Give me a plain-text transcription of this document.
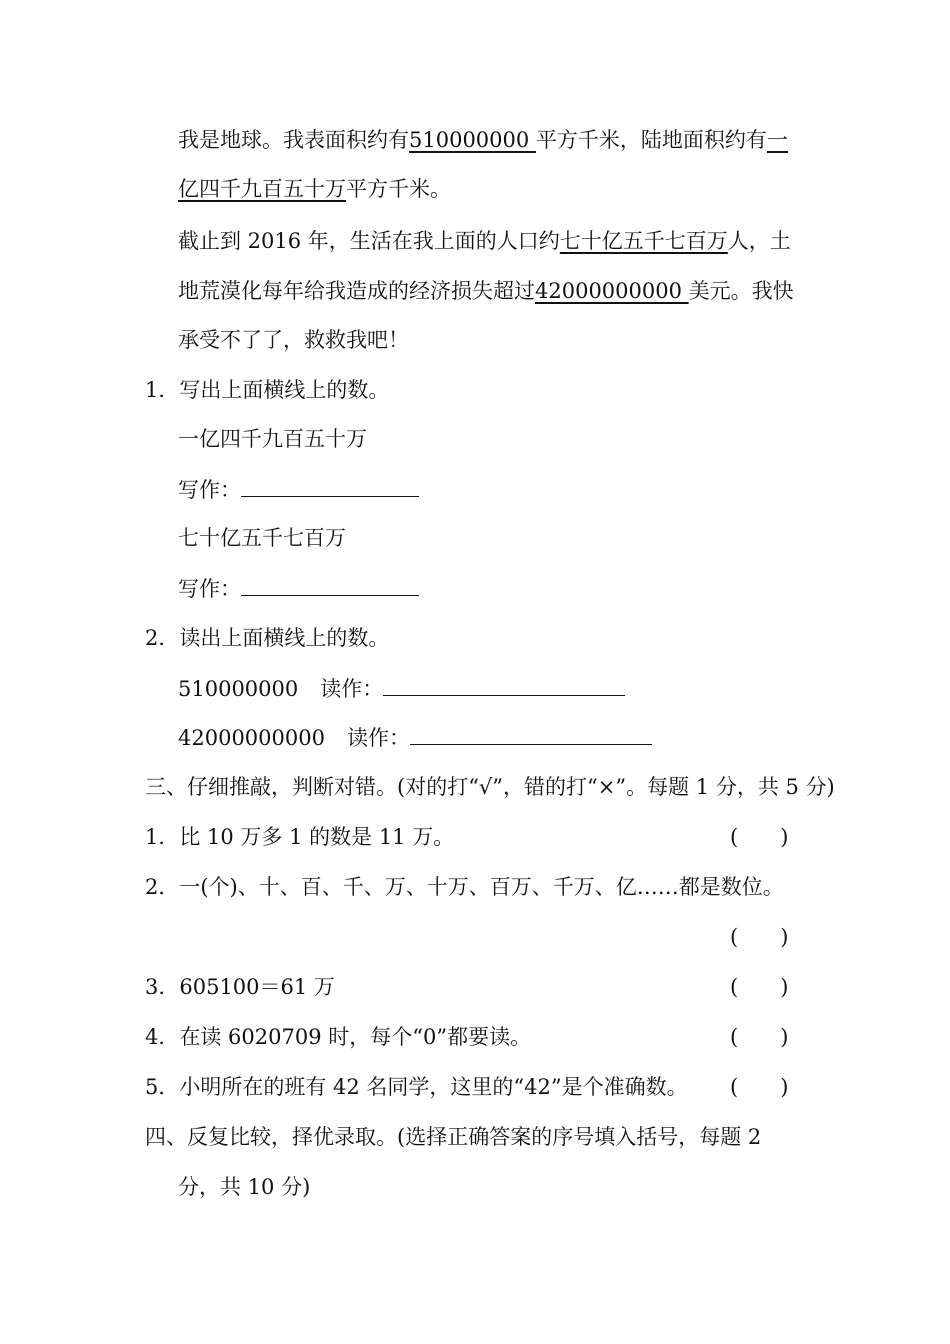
我是地球。我表面积约有510000000 平方千米，陆地面积约有一
亿四千九百五十万平方千米。
截止到 2016 年，生活在我上面的人口约七十亿五千七百万人，土
地荒漠化每年给我造成的经济损失超过42000000000 美元。我快
承受不了了，救救我吧！
1．写出上面横线上的数。
一亿四千九百五十万
写作：
七十亿五千七百万
写作：
2．读出上面横线上的数。
510000000 读作：
42000000000 读作：
三、仔细推敲，判断对错。(对的打“√”，错的打“×”。每题 1 分，共 5 分)
1．比 10 万多 1 的数是 11 万。	(　　)
2．一(个)、十、百、千、万、十万、百万、千万、亿……都是数位。
(　　)
3．605100＝61 万	(　　)
4．在读 6020709 时，每个“0”都要读。	(　　)
5．小明所在的班有 42 名同学，这里的“42”是个准确数。 (　　)
四、反复比较，择优录取。(选择正确答案的序号填入括号，每题 2
分，共 10 分)
